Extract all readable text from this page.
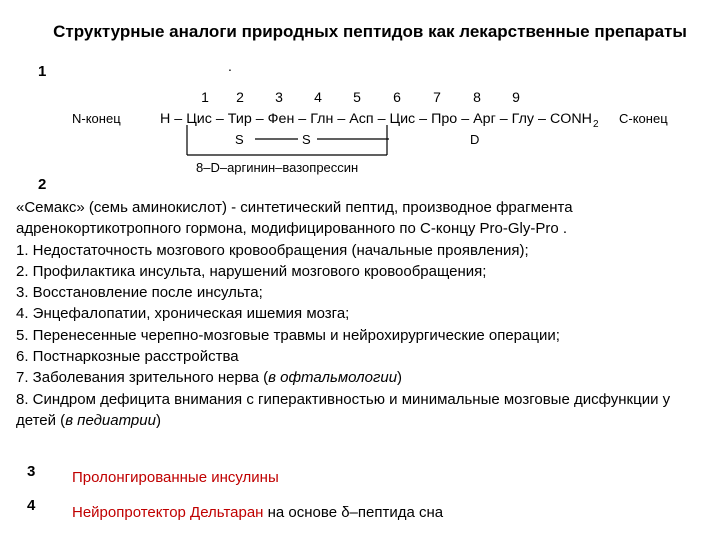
Структурные аналоги природных пептидов как лекарственные препараты
1	.
1 2 3 4 5 6 7 8 9
N-конец	H – Цис – Тир – Фен – Глн – Асп – Цис – Про – Арг – Глу – CONH 2 C-конец
S	S	D
8–D–аргинин–вазопрессин
2
«Семакс» (семь аминокислот) - синтетический пептид, производное фрагмента адренокортикотропного гормона, модифицированного по С-концу Pro-Gly-Pro .
1. Недостаточность мозгового кровообращения (начальные проявления);
2. Профилактика инсульта, нарушений мозгового кровообращения;
3. Восстановление после инсульта;
4. Энцефалопатии, хроническая ишемия мозга;
5. Перенесенные черепно-мозговые травмы и нейрохирургические операции;
6. Постнаркозные расстройства
7. Заболевания зрительного нерва (в офтальмологии)
8. Синдром дефицита внимания с гиперактивностью и минимальные мозговые дисфункции у детей (в педиатрии)
3 Пролонгированные инсулины
4 Нейропротектор Дельтаран на основе δ–пептида сна
